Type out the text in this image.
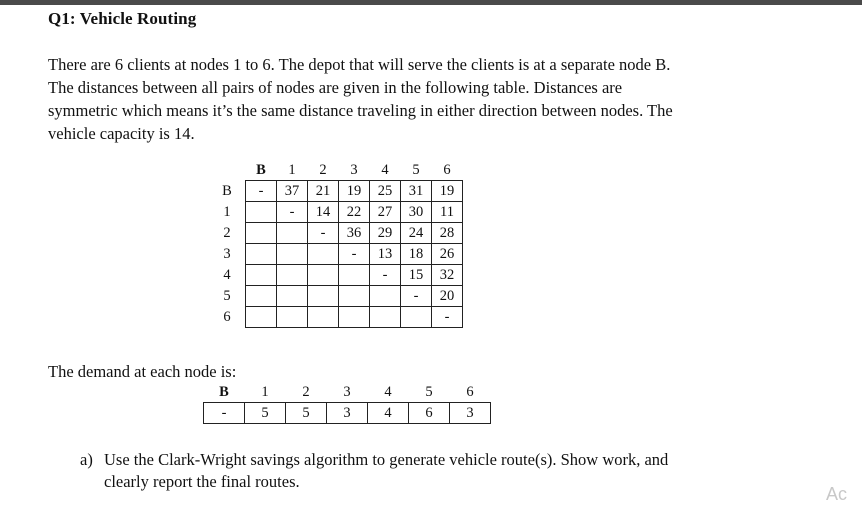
Q1: Vehicle Routing
There are 6 clients at nodes 1 to 6. The depot that will serve the clients is at a separate node B.
The distances between all pairs of nodes are given in the following table. Distances are
symmetric which means it’s the same distance traveling in either direction between nodes. The
vehicle capacity is 14.
	B	1	2	3	4	5	6
B	-	37	21	19	25	31	19
1		-	14	22	27	30	11
2			-	36	29	24	28
3				-	13	18	26
4					-	15	32
5						-	20
6							-
The demand at each node is:
B	1	2	3	4	5	6
-	5	5	3	4	6	3
a) Use the Clark-Wright savings algorithm to generate vehicle route(s). Show work, and
clearly report the final routes.
Ac
